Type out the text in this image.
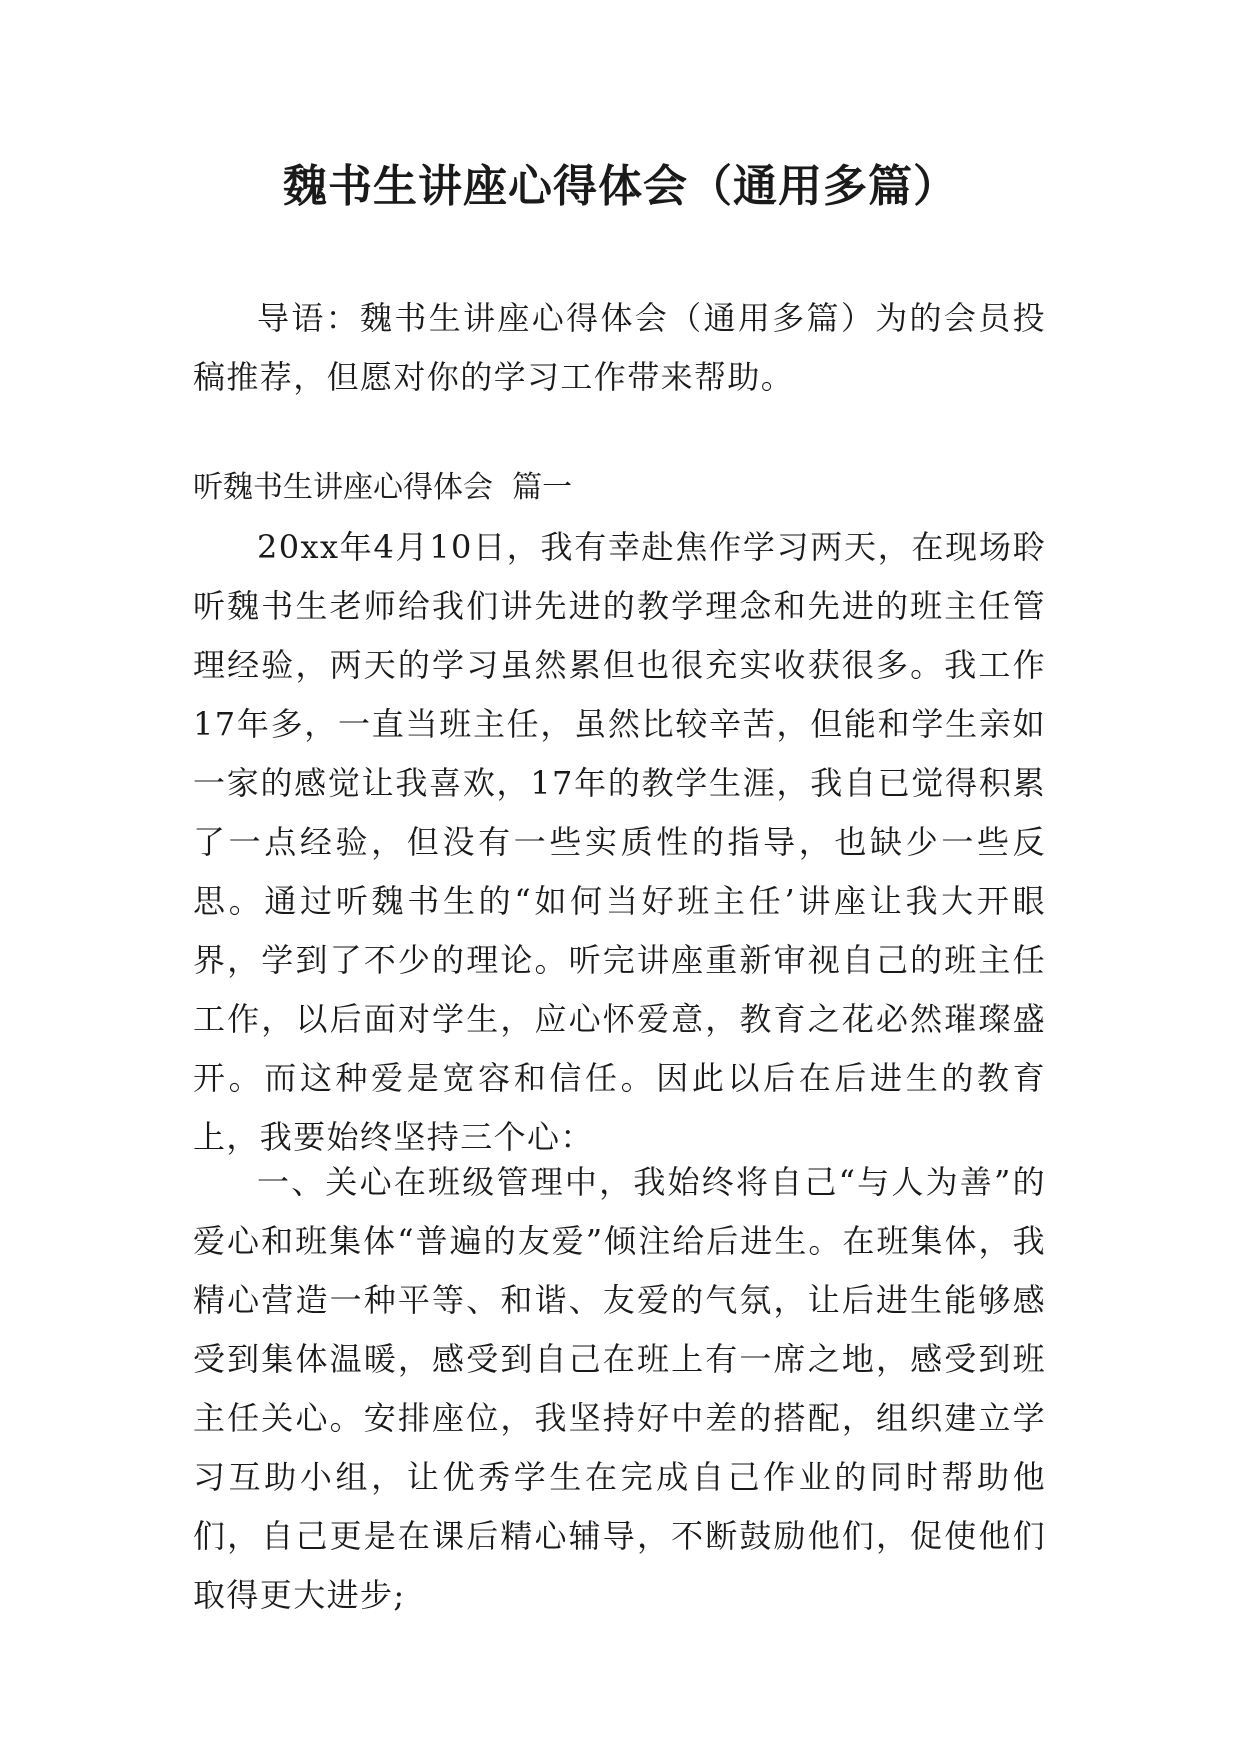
魏书生讲座心得体会（通用多篇）

导语：魏书生讲座心得体会（通用多篇）为的会员投稿推荐，但愿对你的学习工作带来帮助。

听魏书生讲座心得体会  篇一

20xx年4月10日，我有幸赴焦作学习两天，在现场聆听魏书生老师给我们讲先进的教学理念和先进的班主任管理经验，两天的学习虽然累但也很充实收获很多。我工作17年多，一直当班主任，虽然比较辛苦，但能和学生亲如一家的感觉让我喜欢，17年的教学生涯，我自已觉得积累了一点经验，但没有一些实质性的指导，也缺少一些反思。通过听魏书生的“如何当好班主任’讲座让我大开眼界，学到了不少的理论。听完讲座重新审视自己的班主任工作，以后面对学生，应心怀爱意，教育之花必然璀璨盛开。而这种爱是宽容和信任。因此以后在后进生的教育上，我要始终坚持三个心：

一、关心在班级管理中，我始终将自己“与人为善”的爱心和班集体“普遍的友爱”倾注给后进生。在班集体，我精心营造一种平等、和谐、友爱的气氛，让后进生能够感受到集体温暖，感受到自己在班上有一席之地，感受到班主任关心。安排座位，我坚持好中差的搭配，组织建立学习互助小组，让优秀学生在完成自己作业的同时帮助他们，自己更是在课后精心辅导，不断鼓励他们，促使他们取得更大进步;
